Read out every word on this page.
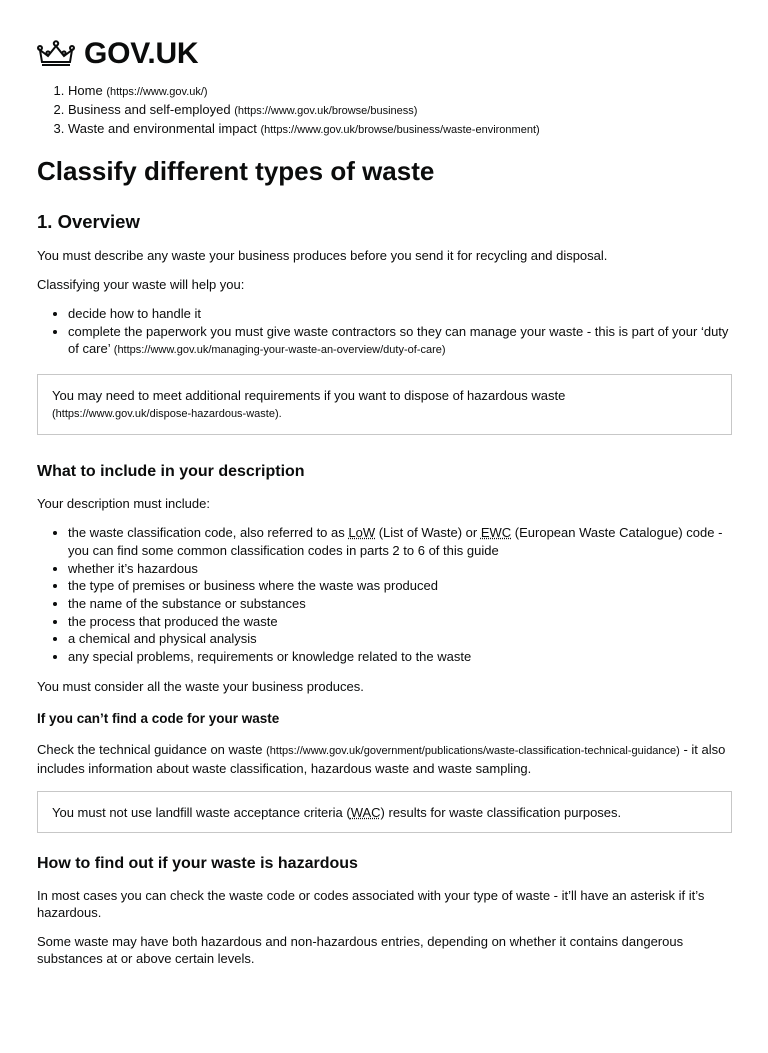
GOV.UK
1. Home (https://www.gov.uk/)
2. Business and self-employed (https://www.gov.uk/browse/business)
3. Waste and environmental impact (https://www.gov.uk/browse/business/waste-environment)
Classify different types of waste
1. Overview

You must describe any waste your business produces before you send it for recycling and disposal.

Classifying your waste will help you:

• decide how to handle it
• complete the paperwork you must give waste contractors so they can manage your waste - this is part of your ‘duty of care’ (https://www.gov.uk/managing-your-waste-an-overview/duty-of-care)

You may need to meet additional requirements if you want to dispose of hazardous waste
(https://www.gov.uk/dispose-hazardous-waste).

What to include in your description

Your description must include:

• the waste classification code, also referred to as LoW (List of Waste) or EWC (European Waste Catalogue) code - you can find some common classification codes in parts 2 to 6 of this guide
• whether it’s hazardous
• the type of premises or business where the waste was produced
• the name of the substance or substances
• the process that produced the waste
• a chemical and physical analysis
• any special problems, requirements or knowledge related to the waste

You must consider all the waste your business produces.

If you can’t find a code for your waste

Check the technical guidance on waste (https://www.gov.uk/government/publications/waste-classification-technical-guidance) - it also includes information about waste classification, hazardous waste and waste sampling.

You must not use landfill waste acceptance criteria (WAC) results for waste classification purposes.

How to find out if your waste is hazardous

In most cases you can check the waste code or codes associated with your type of waste - it’ll have an asterisk if it’s hazardous.

Some waste may have both hazardous and non-hazardous entries, depending on whether it contains dangerous substances at or above certain levels.
